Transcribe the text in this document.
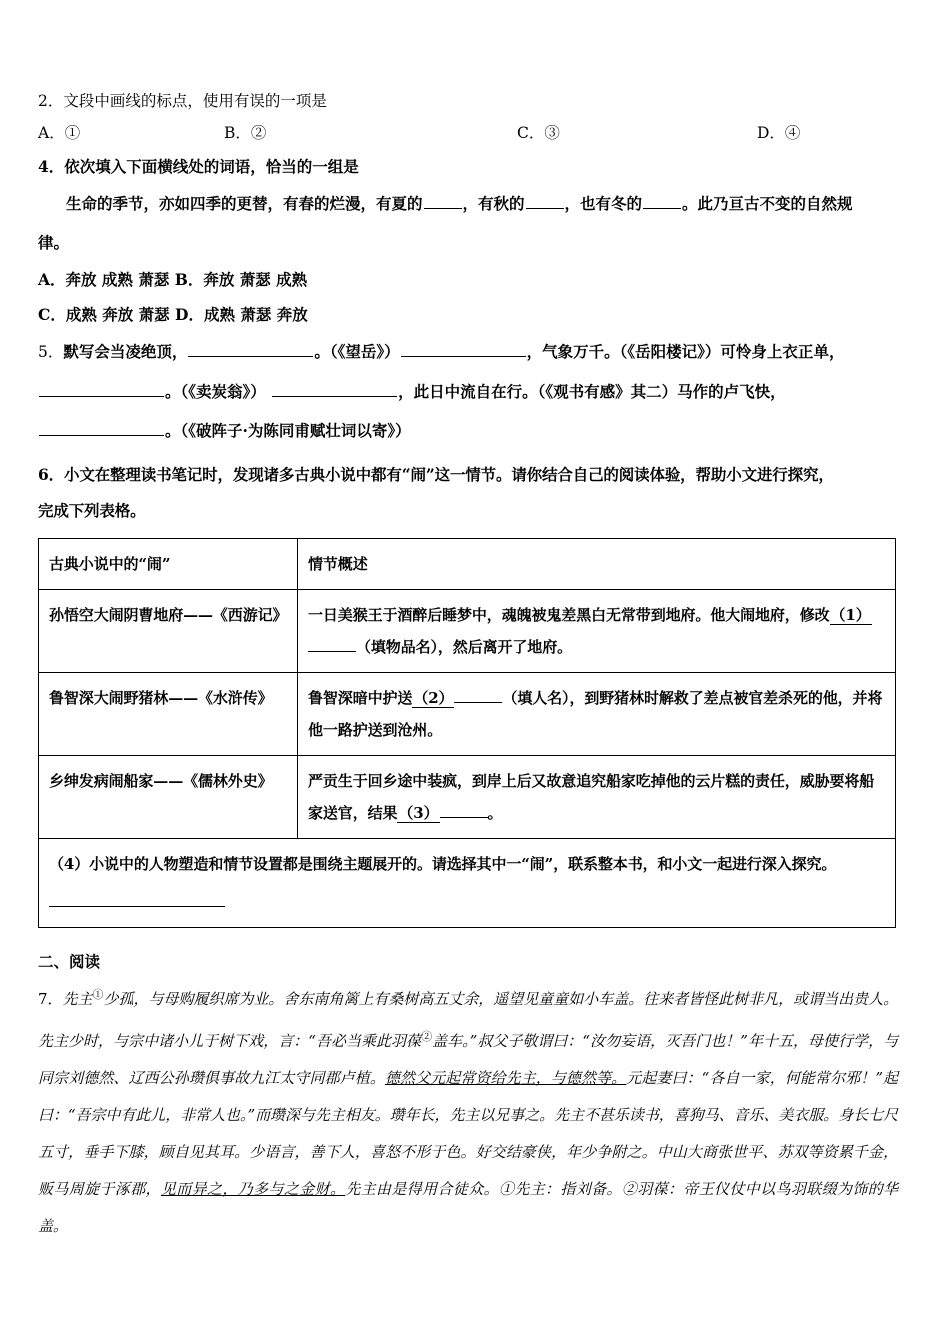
2．文段中画线的标点，使用有误的一项是
A．①	B．②	C．③	D．④
4．依次填入下面横线处的词语，恰当的一组是
生命的季节，亦如四季的更替，有春的烂漫，有夏的	，有秋的	，也有冬的	。此乃亘古不变的自然规
律。
A．奔放 成熟 萧瑟 B．奔放 萧瑟 成熟
C．成熟 奔放 萧瑟 D．成熟 萧瑟 奔放
5．默写会当凌绝顶，	。（《望岳》）	，气象万千。（《岳阳楼记》）可怜身上衣正单，。（《卖炭翁》）	，此日中流自在行。（《观书有感》其二）马作的卢飞快，。（《破阵子·为陈同甫赋壮词以寄》）
6．小文在整理读书笔记时，发现诸多古典小说中都有“闹”这一情节。请你结合自己的阅读体验，帮助小文进行探究，
完成下列表格。
古典小说中的“闹”	情节概述
孙悟空大闹阴曹地府——《西游记》	一日美猴王于酒醉后睡梦中，魂魄被鬼差黑白无常带到地府。他大闹地府，修改（1）（填物品名），然后离开了地府。
鲁智深大闹野猪林——《水浒传》	鲁智深暗中护送（2） （填人名），到野猪林时解救了差点被官差杀死的他，并将他一路护送到沧州。
乡绅发病闹船家——《儒林外史》	严贡生于回乡途中装疯，到岸上后又故意追究船家吃掉他的云片糕的责任，威胁要将船家送官，结果（3） 。

（4）小说中的人物塑造和情节设置都是围绕主题展开的。请选择其中一“闹”，联系整本书，和小文一起进行深入探究。	
二、阅读
7．先主①少孤，与母购履织席为业。舍东南角篱上有桑树高五丈余，遥望见童童如小车盖。往来者皆怪此树非凡，或谓当出贵人。先主少时，与宗中诸小儿于树下戏，言：“吾必当乘此羽葆②盖车。”叔父子敬谓曰：“汝勿妄语，灭吾门也！”年十五，母使行学，与同宗刘德然、辽西公孙瓒俱事故九江太守同郡卢植。德然父元起常资给先主，与德然等。元起妻曰：“各自一家，何能常尔邪！”起曰：“吾宗中有此儿，非常人也。”而瓒深与先主相友。瓒年长，先主以兄事之。先主不甚乐读书，喜狗马、音乐、美衣服。身长七尺五寸，垂手下膝，顾自见其耳。少语言，善下人，喜怒不形于色。好交结豪侠，年少争附之。中山大商张世平、苏双等资累千金，贩马周旋于涿郡，见而异之，乃多与之金财。先主由是得用合徒众。①先主：指刘备。②羽葆：帝王仪仗中以鸟羽联缀为饰的华盖。
